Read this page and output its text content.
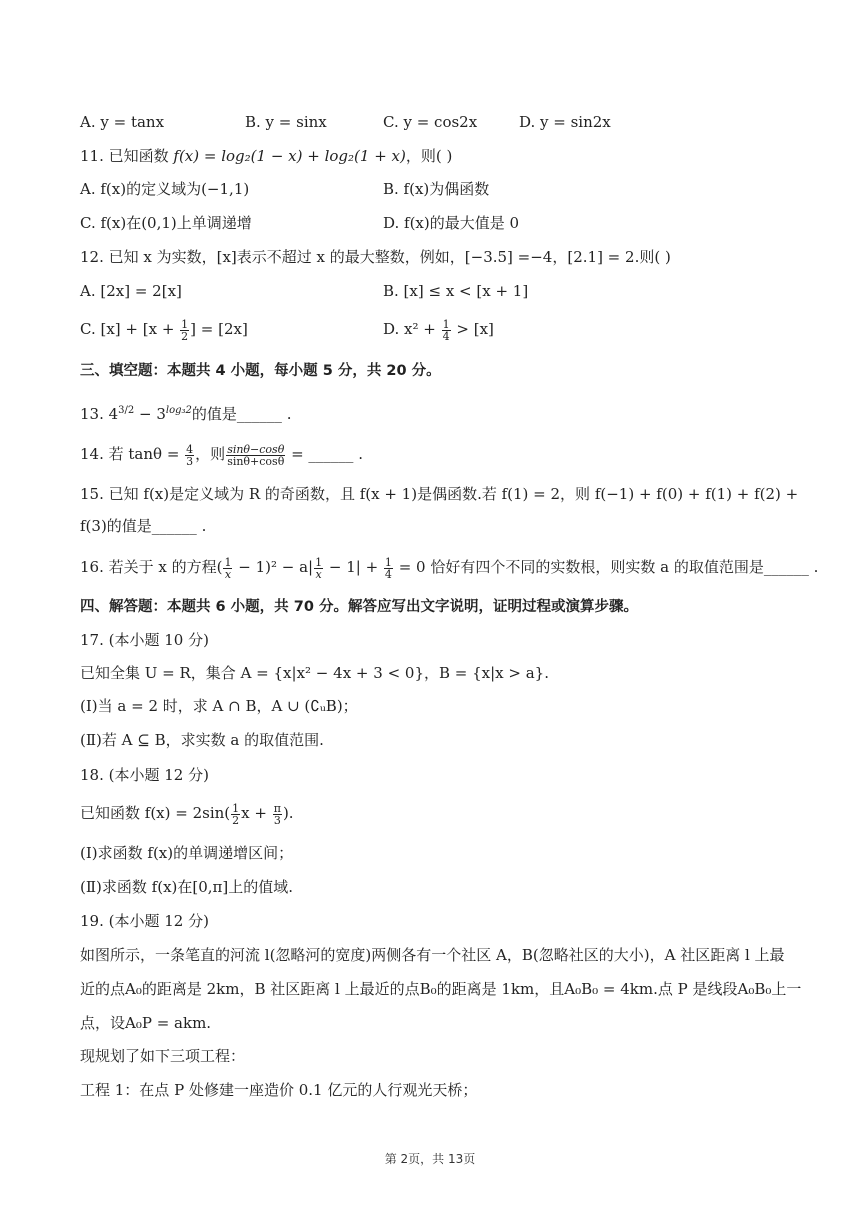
A. y = tanx	B. y = sinx	C. y = cos2x	D. y = sin2x
11. 已知函数 f(x) = log₂(1 − x) + log₂(1 + x)，则( )
A. f(x)的定义域为(−1,1)	B. f(x)为偶函数
C. f(x)在(0,1)上单调递增	D. f(x)的最大值是 0
12. 已知 x 为实数，[x]表示不超过 x 的最大整数，例如，[−3.5] =−4，[2.1] = 2.则( )
A. [2x] = 2[x]	B. [x] ≤ x < [x + 1]
C. $[x] + [x + \frac{1}{2}$ ] = [2x]	D. $x^2 + \frac{1}{4} > [x]$
三、填空题：本题共 4 小题，每小题 5 分，共 20 分。
13. $4^{3/2} - 3^{log_32}$的值是______ .
14. 若 $\tan\theta = \frac{4}{3}$ ，则 $\frac{\sin\theta-\cos\theta}{\sin\theta+\cos\theta}$ = ______ .
15. 已知 f(x)是定义域为 R 的奇函数，且 f(x + 1)是偶函数.若 f(1) = 2，则 f(−1) + f(0) + f(1) + f(2) +
f(3)的值是______ .
16. 若关于 x 的方程( $\frac{1}{x} - 1)^2 - a| \frac{1}{x} - 1| + \frac{1}{4} = 0$ 恰好有四个不同的实数根，则实数 a 的取值范围是______ .
四、解答题：本题共 6 小题，共 70 分。解答应写出文字说明，证明过程或演算步骤。
17. (本小题 10 分)
已知全集 U = R，集合 A = {x|x² − 4x + 3 < 0}，B = {x|x > a}.
(Ⅰ)当 a = 2 时，求 A ∩ B，A ∪ (∁ᵤB)；
(Ⅱ)若 A ⊆ B，求实数 a 的取值范围.
18. (本小题 12 分)
已知函数 $f(x) = 2\sin( \frac{1}{2}$ $x + \frac{\pi}{3}$ ).
(Ⅰ)求函数 f(x)的单调递增区间；
(Ⅱ)求函数 f(x)在[0,π]上的值域.
19. (本小题 12 分)
如图所示，一条笔直的河流 l(忽略河的宽度)两侧各有一个社区 A，B(忽略社区的大小)，A 社区距离 l 上最
近的点A₀的距离是 2km，B 社区距离 l 上最近的点B₀的距离是 1km，且A₀B₀ = 4km.点 P 是线段A₀B₀上一
点，设A₀P = akm.
现规划了如下三项工程：
工程 1：在点 P 处修建一座造价 0.1 亿元的人行观光天桥；
第 2页，共 13页
